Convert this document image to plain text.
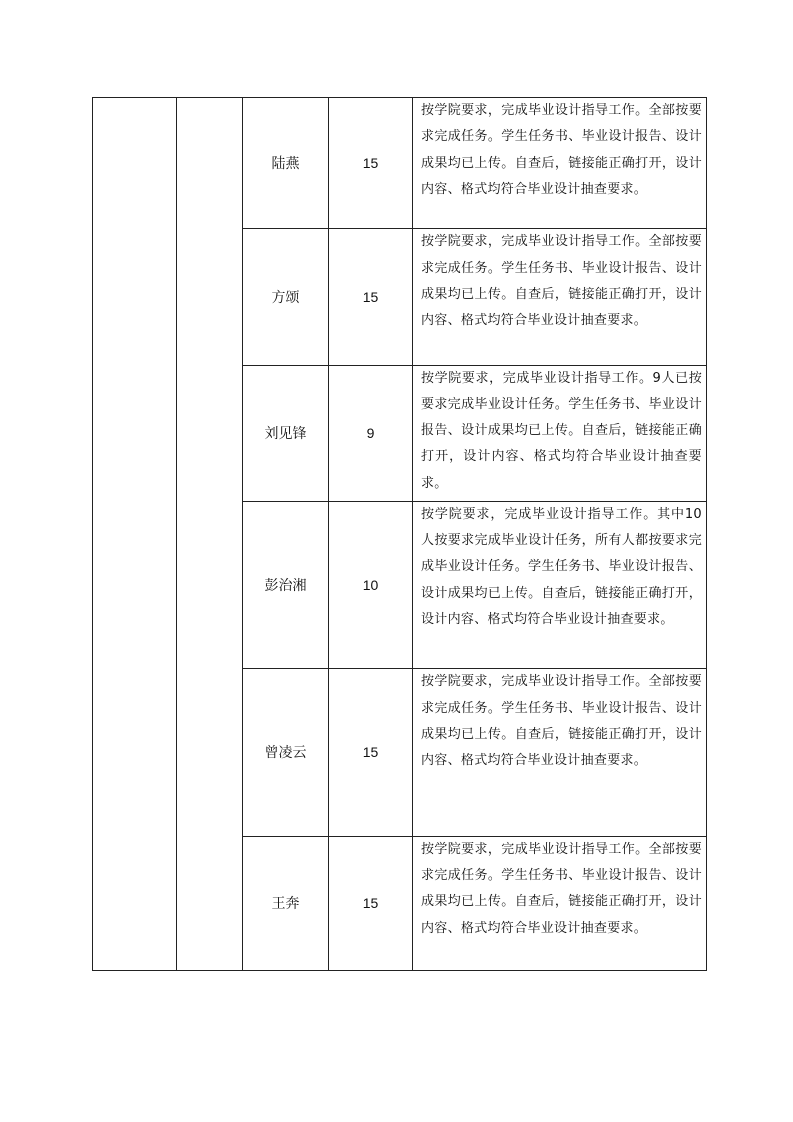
		陆燕	15	按学院要求，完成毕业设计指导工作。全部按要求完成任务。学生任务书、毕业设计报告、设计成果均已上传。自查后，链接能正确打开，设计内容、格式均符合毕业设计抽查要求。
		方颂	15	按学院要求，完成毕业设计指导工作。全部按要求完成任务。学生任务书、毕业设计报告、设计成果均已上传。自查后，链接能正确打开，设计内容、格式均符合毕业设计抽查要求。
		刘见锋	9	按学院要求，完成毕业设计指导工作。9人已按要求完成毕业设计任务。学生任务书、毕业设计报告、设计成果均已上传。自查后，链接能正确打开，设计内容、格式均符合毕业设计抽查要求。
		彭治湘	10	按学院要求，完成毕业设计指导工作。其中10人按要求完成毕业设计任务，所有人都按要求完成毕业设计任务。学生任务书、毕业设计报告、设计成果均已上传。自查后，链接能正确打开，设计内容、格式均符合毕业设计抽查要求。
		曾凌云	15	按学院要求，完成毕业设计指导工作。全部按要求完成任务。学生任务书、毕业设计报告、设计成果均已上传。自查后，链接能正确打开，设计内容、格式均符合毕业设计抽查要求。
		王奔	15	按学院要求，完成毕业设计指导工作。全部按要求完成任务。学生任务书、毕业设计报告、设计成果均已上传。自查后，链接能正确打开，设计内容、格式均符合毕业设计抽查要求。
